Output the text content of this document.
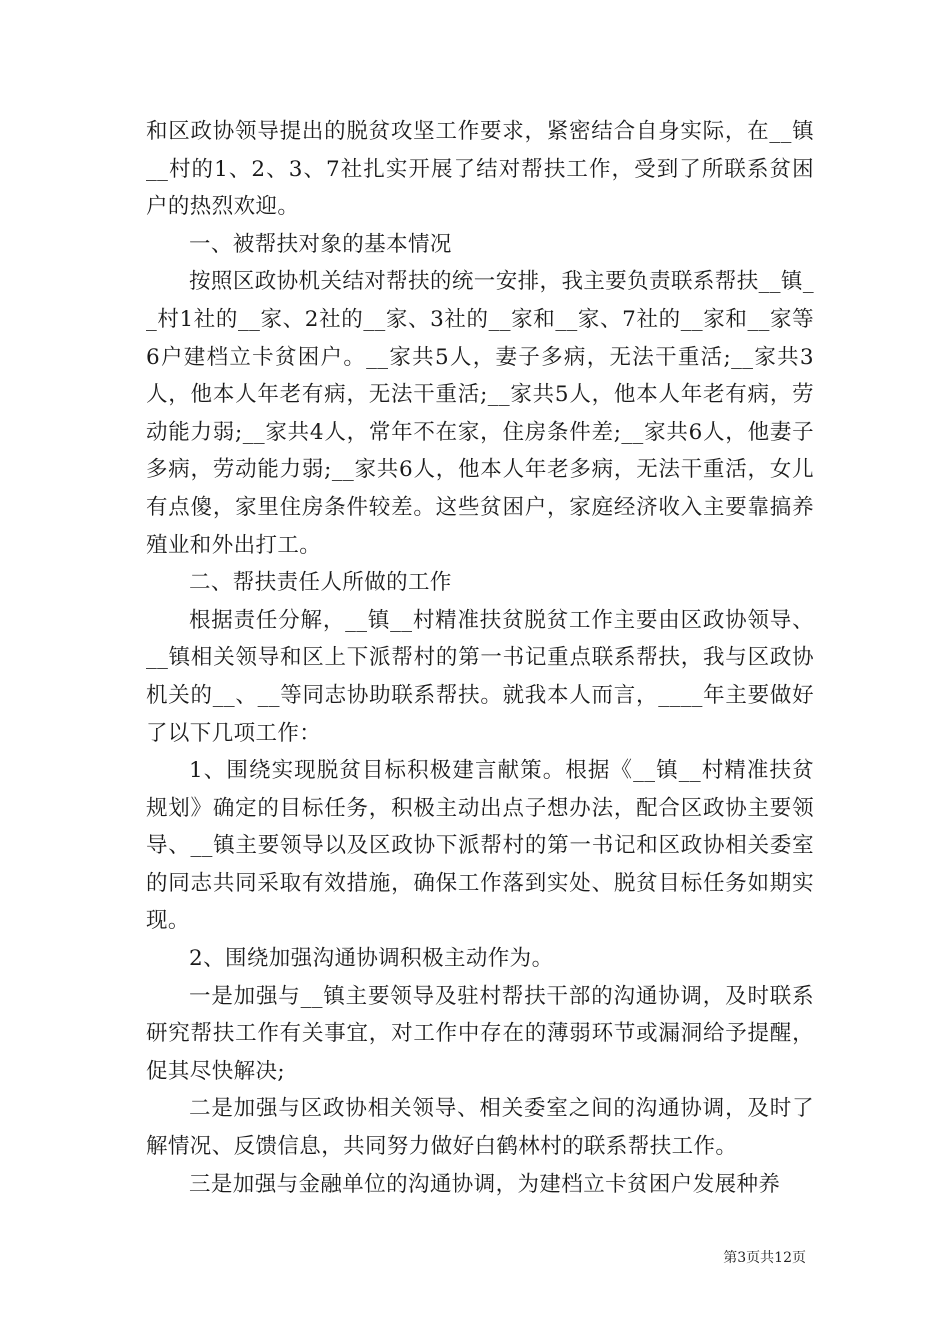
和区政协领导提出的脱贫攻坚工作要求，紧密结合自身实际，在__镇__村的1、2、3、7社扎实开展了结对帮扶工作，受到了所联系贫困户的热烈欢迎。

一、被帮扶对象的基本情况

按照区政协机关结对帮扶的统一安排，我主要负责联系帮扶__镇__村1社的__家、2社的__家、3社的__家和__家、7社的__家和__家等6户建档立卡贫困户。__家共5人，妻子多病，无法干重活;__家共3人，他本人年老有病，无法干重活;__家共5人，他本人年老有病，劳动能力弱;__家共4人，常年不在家，住房条件差;__家共6人，他妻子多病，劳动能力弱;__家共6人，他本人年老多病，无法干重活，女儿有点傻，家里住房条件较差。这些贫困户，家庭经济收入主要靠搞养殖业和外出打工。

二、帮扶责任人所做的工作

根据责任分解，__镇__村精准扶贫脱贫工作主要由区政协领导、__镇相关领导和区上下派帮村的第一书记重点联系帮扶，我与区政协机关的__、__等同志协助联系帮扶。就我本人而言，____年主要做好了以下几项工作：

1、围绕实现脱贫目标积极建言献策。根据《__镇__村精准扶贫规划》确定的目标任务，积极主动出点子想办法，配合区政协主要领导、__镇主要领导以及区政协下派帮村的第一书记和区政协相关委室的同志共同采取有效措施，确保工作落到实处、脱贫目标任务如期实现。

2、围绕加强沟通协调积极主动作为。

一是加强与__镇主要领导及驻村帮扶干部的沟通协调，及时联系研究帮扶工作有关事宜，对工作中存在的薄弱环节或漏洞给予提醒，促其尽快解决;

二是加强与区政协相关领导、相关委室之间的沟通协调，及时了解情况、反馈信息，共同努力做好白鹤林村的联系帮扶工作。

三是加强与金融单位的沟通协调，为建档立卡贫困户发展种养

第3页共12页
